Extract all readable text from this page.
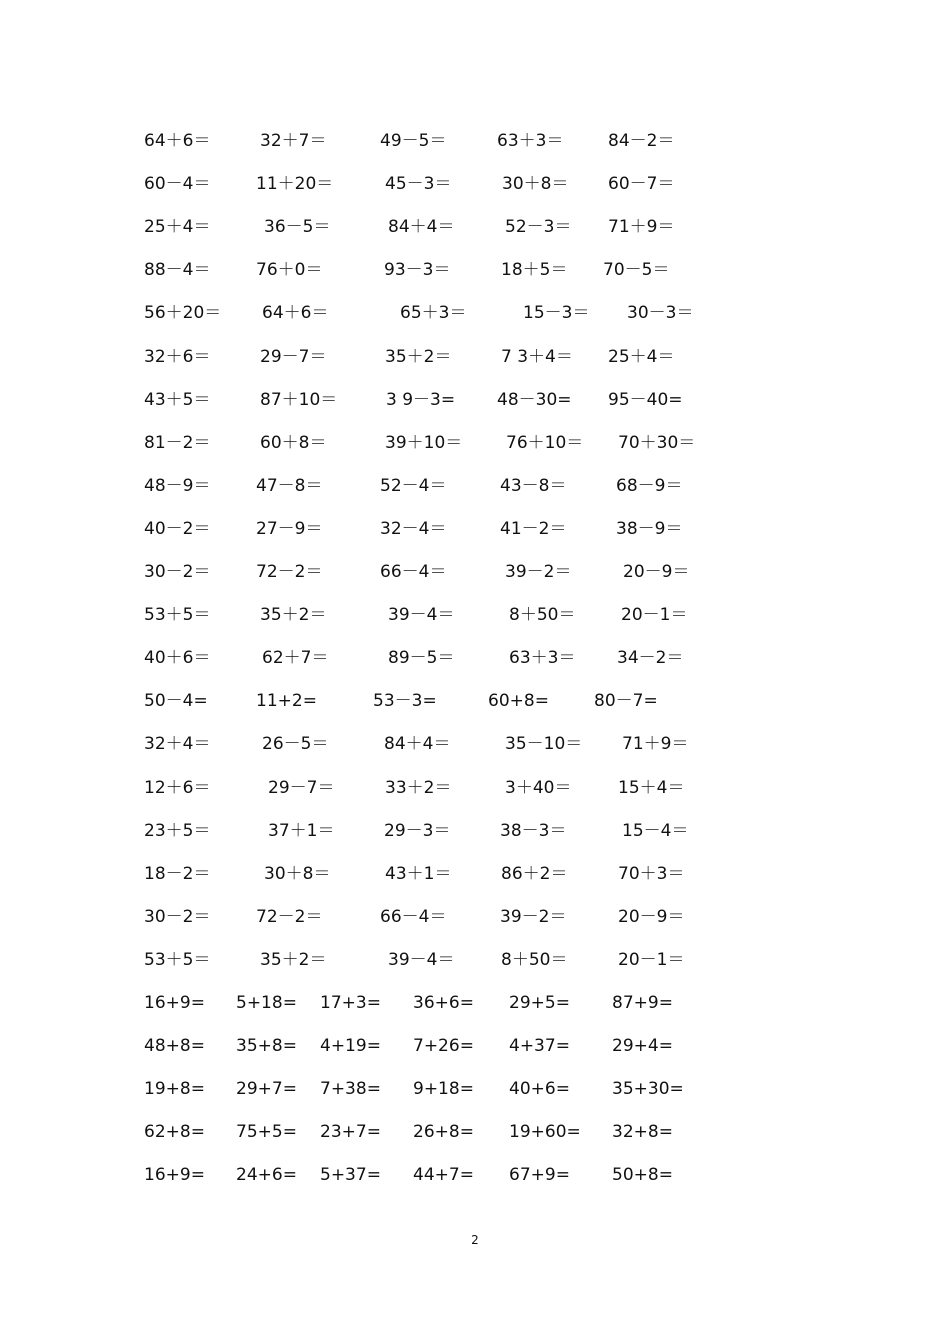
64＋6＝	32＋7＝	49－5＝	63＋3＝	84－2＝
60－4＝	11＋20＝	45－3＝	30＋8＝ 60－7＝
25＋4＝	36－5＝	84＋4＝	52－3＝ 71＋9＝
88－4＝	76＋0＝	93－3＝	18＋5＝ 70－5＝
56＋20＝ 64＋6＝	65＋3＝	15－3＝ 30－3＝
32＋6＝	29－7＝	35＋2＝	7 3＋4＝ 25＋4＝
43＋5＝	87＋10＝	3 9－3= 48－30= 95－40=
81－2＝	60＋8＝	39＋10＝	76＋10＝ 70＋30＝
48－9＝	47－8＝	52－4＝	43－8＝	68－9＝
40－2＝	27－9＝	32－4＝	41－2＝	38－9＝
30－2＝	72－2＝	66－4＝	39－2＝	20－9＝
53＋5＝	35＋2＝	39－4＝	8＋50＝	20－1＝
40＋6＝	62＋7＝	89－5＝	63＋3＝ 34－2＝
50－4=	11+2=	53－3=	60+8=	80－7=
32＋4＝	26－5＝	84＋4＝	35－10＝ 71＋9＝
12＋6＝	29－7＝	33＋2＝	3＋40＝	15＋4＝
23＋5＝	37＋1＝	29－3＝	38－3＝	15－4＝
18－2＝	30＋8＝	43＋1＝	86＋2＝	70＋3＝
30－2＝	72－2＝	66－4＝	39－2＝	20－9＝
53＋5＝	35＋2＝	39－4＝	8＋50＝	20－1＝
16+9= 5+18= 17+3= 36+6= 29+5= 87+9=
48+8= 35+8= 4+19= 7+26= 4+37= 29+4=
19+8= 29+7= 7+38= 9+18= 40+6= 35+30=
62+8= 75+5= 23+7= 26+8= 19+60= 32+8=
16+9= 24+6= 5+37= 44+7= 67+9= 50+8=
2
